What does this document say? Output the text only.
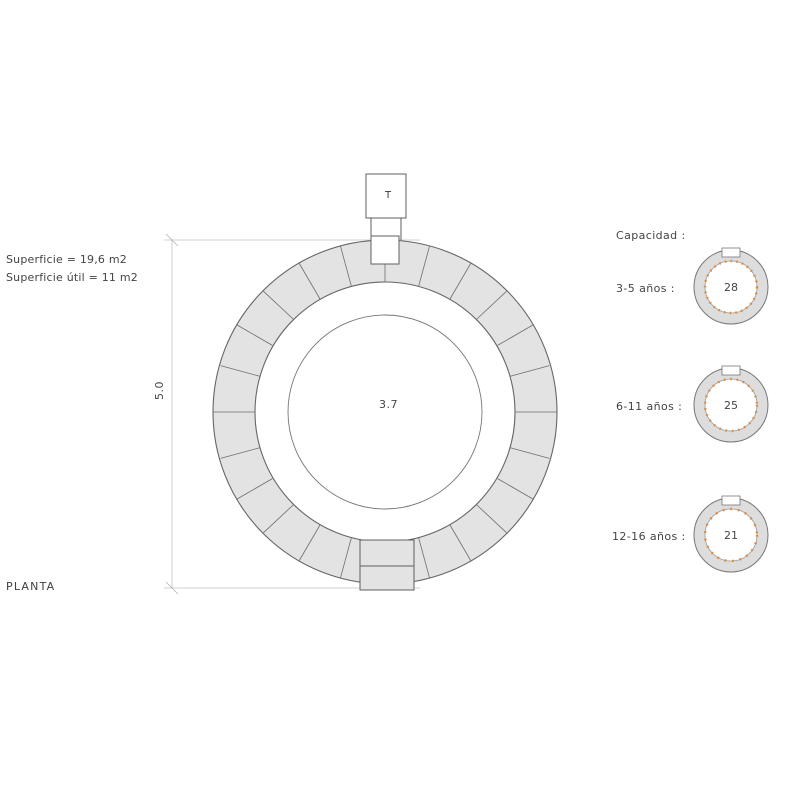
Superficie = 19,6 m2
Superficie útil = 11 m2
PLANTA
5.0
3.7
T
Capacidad :
3-5 años :	28
6-11 años :	25
12-16 años :	21
